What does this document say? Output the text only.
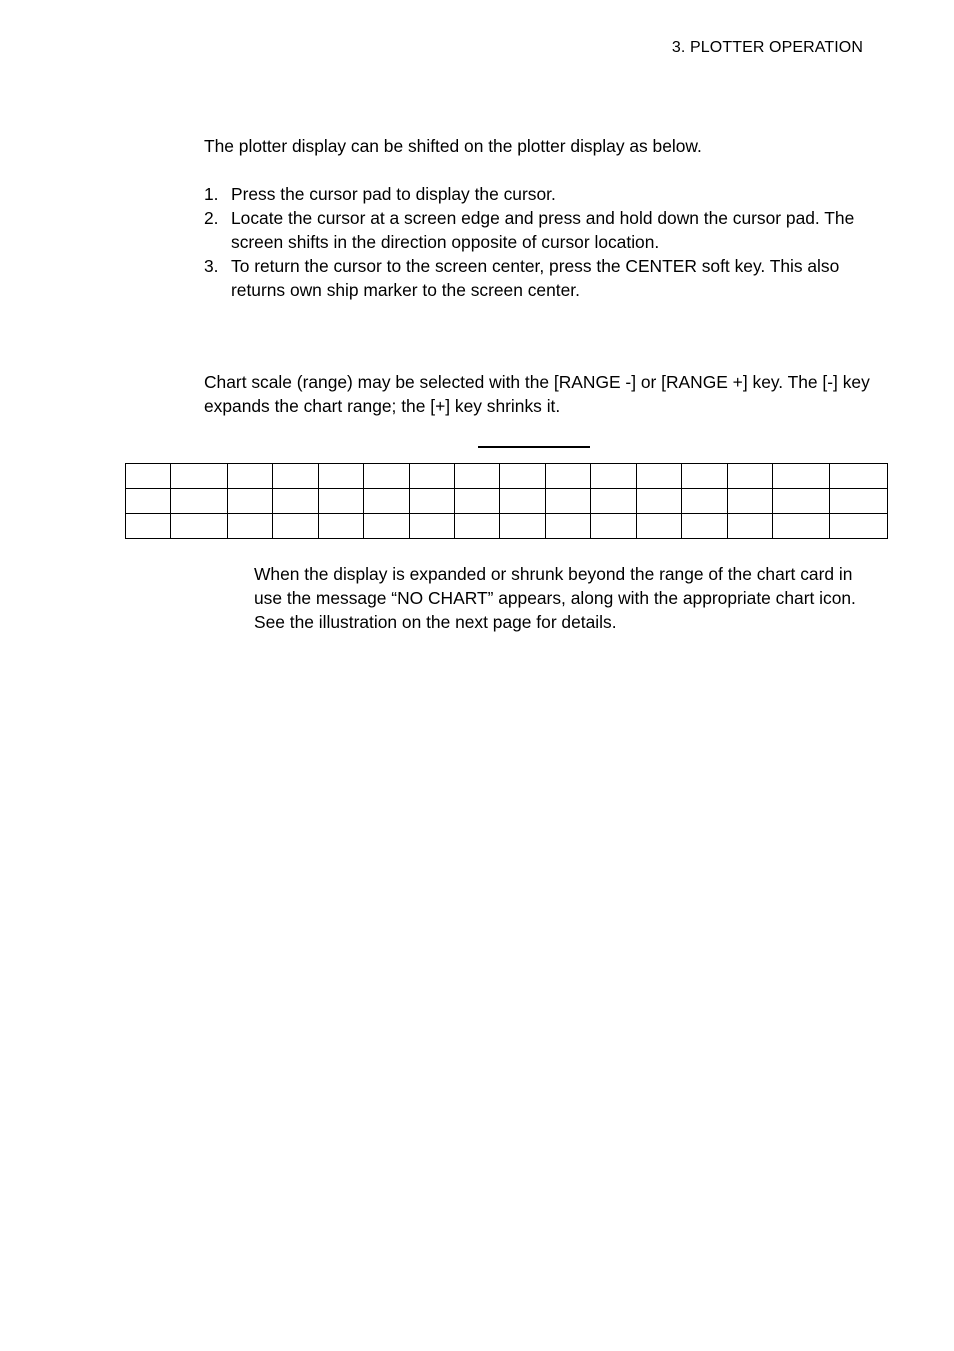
3. PLOTTER OPERATION

The plotter display can be shifted on the plotter display as below.

1. Press the cursor pad to display the cursor.
2. Locate the cursor at a screen edge and press and hold down the cursor pad. The screen shifts in the direction opposite of cursor location.
3. To return the cursor to the screen center, press the CENTER soft key. This also returns own ship marker to the screen center.

Chart scale (range) may be selected with the [RANGE -] or [RANGE +] key. The [-] key expands the chart range; the [+] key shrinks it.

When the display is expanded or shrunk beyond the range of the chart card in use the message “NO CHART” appears, along with the appropriate chart icon. See the illustration on the next page for details.
